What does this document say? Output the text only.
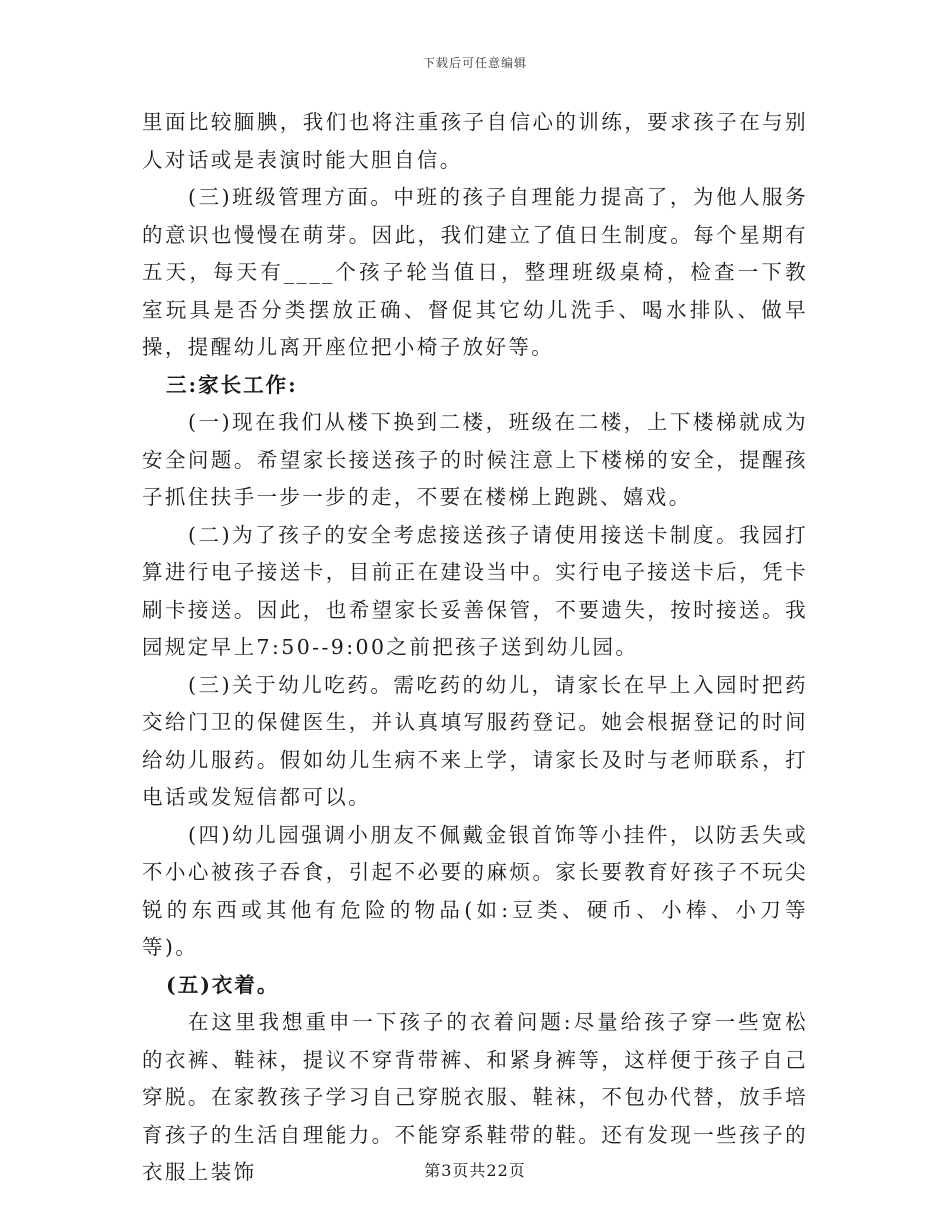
下载后可任意编辑

里面比较腼腆，我们也将注重孩子自信心的训练，要求孩子在与别人对话或是表演时能大胆自信。

(三)班级管理方面。中班的孩子自理能力提高了，为他人服务的意识也慢慢在萌芽。因此，我们建立了值日生制度。每个星期有五天，每天有____个孩子轮当值日，整理班级桌椅，检查一下教室玩具是否分类摆放正确、督促其它幼儿洗手、喝水排队、做早操，提醒幼儿离开座位把小椅子放好等。

三:家长工作:

(一)现在我们从楼下换到二楼，班级在二楼，上下楼梯就成为安全问题。希望家长接送孩子的时候注意上下楼梯的安全，提醒孩子抓住扶手一步一步的走，不要在楼梯上跑跳、嬉戏。

(二)为了孩子的安全考虑接送孩子请使用接送卡制度。我园打算进行电子接送卡，目前正在建设当中。实行电子接送卡后，凭卡刷卡接送。因此，也希望家长妥善保管，不要遗失，按时接送。我园规定早上7:50--9:00之前把孩子送到幼儿园。

(三)关于幼儿吃药。需吃药的幼儿，请家长在早上入园时把药交给门卫的保健医生，并认真填写服药登记。她会根据登记的时间给幼儿服药。假如幼儿生病不来上学，请家长及时与老师联系，打电话或发短信都可以。

(四)幼儿园强调小朋友不佩戴金银首饰等小挂件，以防丢失或不小心被孩子吞食，引起不必要的麻烦。家长要教育好孩子不玩尖锐的东西或其他有危险的物品(如:豆类、硬币、小棒、小刀等等)。

(五)衣着。

在这里我想重申一下孩子的衣着问题:尽量给孩子穿一些宽松的衣裤、鞋袜，提议不穿背带裤、和紧身裤等，这样便于孩子自己穿脱。在家教孩子学习自己穿脱衣服、鞋袜，不包办代替，放手培育孩子的生活自理能力。不能穿系鞋带的鞋。还有发现一些孩子的衣服上装饰	第3页共22页
